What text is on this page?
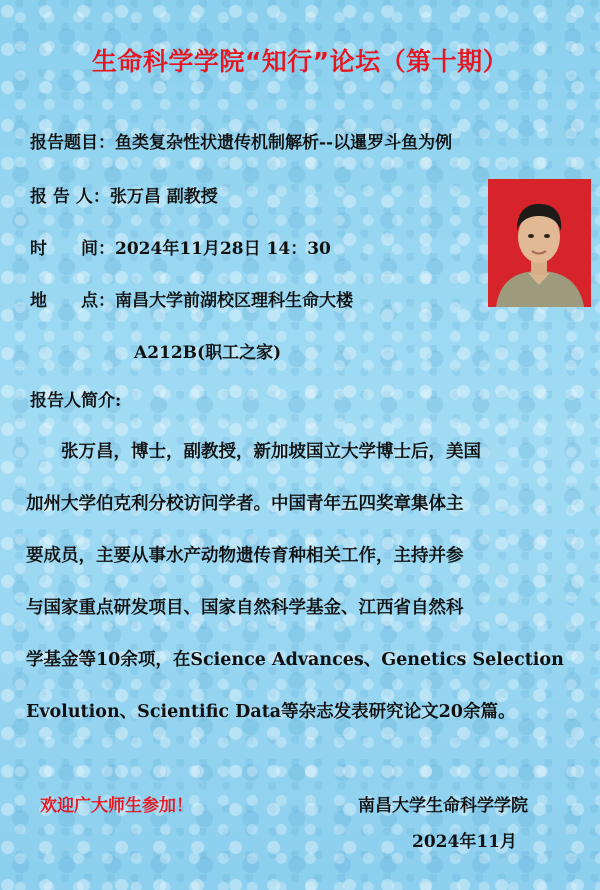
生命科学学院“知行”论坛（第十期）
报告题目：鱼类复杂性状遗传机制解析--以暹罗斗鱼为例
报 告 人：张万昌 副教授
时　　间：2024年11月28日 14：30
地　　点：南昌大学前湖校区理科生命大楼
A212B(职工之家)
报告人简介:
　　张万昌，博士，副教授，新加坡国立大学博士后，美国
加州大学伯克利分校访问学者。中国青年五四奖章集体主
要成员，主要从事水产动物遗传育种相关工作，主持并参
与国家重点研发项目、国家自然科学基金、江西省自然科
学基金等10余项，在Science Advances、Genetics Selection
Evolution、Scientific Data等杂志发表研究论文20余篇。
欢迎广大师生参加！	南昌大学生命科学学院
2024年11月
